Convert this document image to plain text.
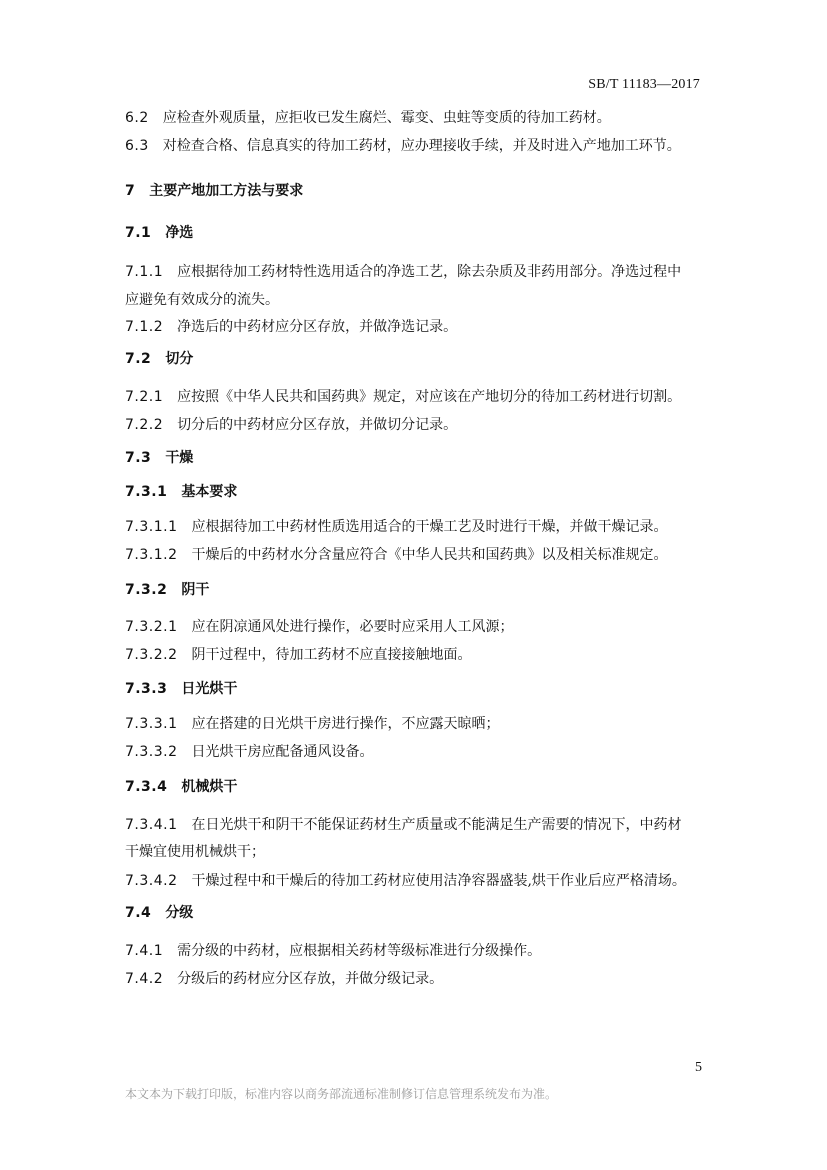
SB/T 11183—2017
6.2 应检查外观质量，应拒收已发生腐烂、霉变、虫蛀等变质的待加工药材。
6.3 对检查合格、信息真实的待加工药材，应办理接收手续，并及时进入产地加工环节。
7 主要产地加工方法与要求
7.1 净选
7.1.1 应根据待加工药材特性选用适合的净选工艺，除去杂质及非药用部分。净选过程中
应避免有效成分的流失。
7.1.2 净选后的中药材应分区存放，并做净选记录。
7.2 切分
7.2.1 应按照《中华人民共和国药典》规定，对应该在产地切分的待加工药材进行切割。
7.2.2 切分后的中药材应分区存放，并做切分记录。
7.3 干燥
7.3.1 基本要求
7.3.1.1 应根据待加工中药材性质选用适合的干燥工艺及时进行干燥，并做干燥记录。
7.3.1.2 干燥后的中药材水分含量应符合《中华人民共和国药典》以及相关标准规定。
7.3.2 阴干
7.3.2.1 应在阴凉通风处进行操作，必要时应采用人工风源；
7.3.2.2 阴干过程中，待加工药材不应直接接触地面。
7.3.3 日光烘干
7.3.3.1 应在搭建的日光烘干房进行操作，不应露天晾晒；
7.3.3.2 日光烘干房应配备通风设备。
7.3.4 机械烘干
7.3.4.1 在日光烘干和阴干不能保证药材生产质量或不能满足生产需要的情况下，中药材
干燥宜使用机械烘干；
7.3.4.2 干燥过程中和干燥后的待加工药材应使用洁净容器盛装,烘干作业后应严格清场。
7.4 分级
7.4.1 需分级的中药材，应根据相关药材等级标准进行分级操作。
7.4.2 分级后的药材应分区存放，并做分级记录。
5
本文本为下载打印版，标准内容以商务部流通标准制修订信息管理系统发布为准。
